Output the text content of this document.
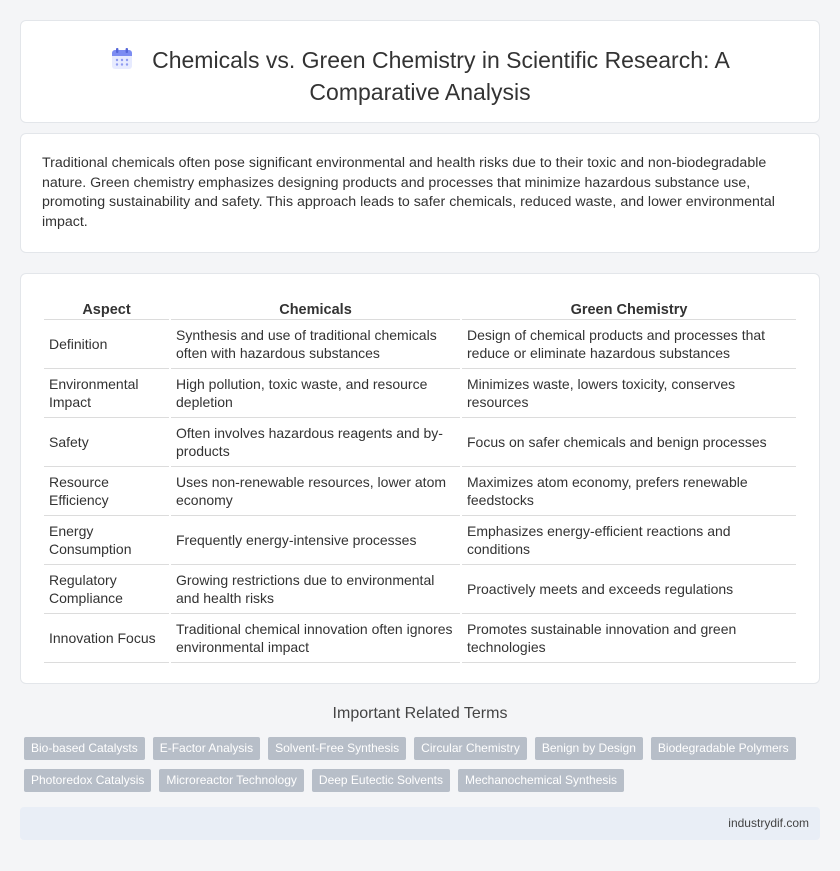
Chemicals vs. Green Chemistry in Scientific Research: A Comparative Analysis

Traditional chemicals often pose significant environmental and health risks due to their toxic and non-biodegradable nature. Green chemistry emphasizes designing products and processes that minimize hazardous substance use, promoting sustainability and safety. This approach leads to safer chemicals, reduced waste, and lower environmental impact.

Aspect	Chemicals	Green Chemistry
Definition	Synthesis and use of traditional chemicals often with hazardous substances	Design of chemical products and processes that reduce or eliminate hazardous substances
Environmental Impact	High pollution, toxic waste, and resource depletion	Minimizes waste, lowers toxicity, conserves resources
Safety	Often involves hazardous reagents and by-products	Focus on safer chemicals and benign processes
Resource Efficiency	Uses non-renewable resources, lower atom economy	Maximizes atom economy, prefers renewable feedstocks
Energy Consumption	Frequently energy-intensive processes	Emphasizes energy-efficient reactions and conditions
Regulatory Compliance	Growing restrictions due to environmental and health risks	Proactively meets and exceeds regulations
Innovation Focus	Traditional chemical innovation often ignores environmental impact	Promotes sustainable innovation and green technologies
Important Related Terms
Bio-based Catalysts	E-Factor Analysis	Solvent-Free Synthesis	Circular Chemistry	Benign by Design	Biodegradable Polymers
Photoredox Catalysis	Microreactor Technology	Deep Eutectic Solvents	Mechanochemical Synthesis
industrydif.com
